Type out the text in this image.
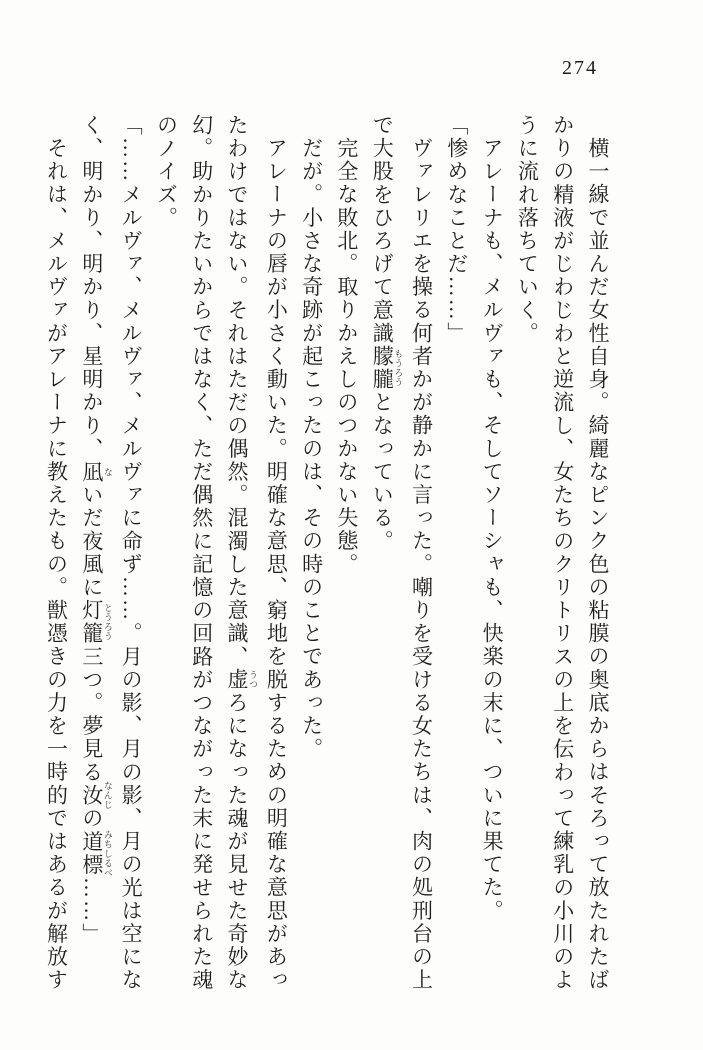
274
横一線で並んだ女性自身。綺麗なピンク色の粘膜の奥底からはそろって放たれたば
かりの精液がじわじわと逆流し、女たちのクリトリスの上を伝わって練乳の小川のよ
うに流れ落ちていく。
アレーナも、メルヴァも、そしてソーシャも、快楽の末に、ついに果てた。
「惨めなことだ……」
ヴァレリエを操る何者かが静かに言った。嘲りを受ける女たちは、肉の処刑台の上
で大股をひろげて意識朦朧 もうろうとなっている。
完全な敗北。取りかえしのつかない失態。
だが。小さな奇跡が起こったのは、その時のことであった。
アレーナの唇が小さく動いた。明確な意思、窮地を脱するための明確な意思があっ
たわけではない。それはただの偶然。混濁した意識、虚 うつろになった魂が見せた奇妙な
幻。助かりたいからではなく、ただ偶然に記憶の回路がつながった末に発せられた魂
のノイズ。
「……メルヴァ、メルヴァ、メルヴァに命ず……。月の影、月の影、月の光は空にな
く、明かり、明かり、星明かり、凪 ないだ夜風に灯籠 とうろう三つ。夢見る汝 なんじの道標 みちしるべ……」
それは、メルヴァがアレーナに教えたもの。獣憑きの力を一時的ではあるが解放す
